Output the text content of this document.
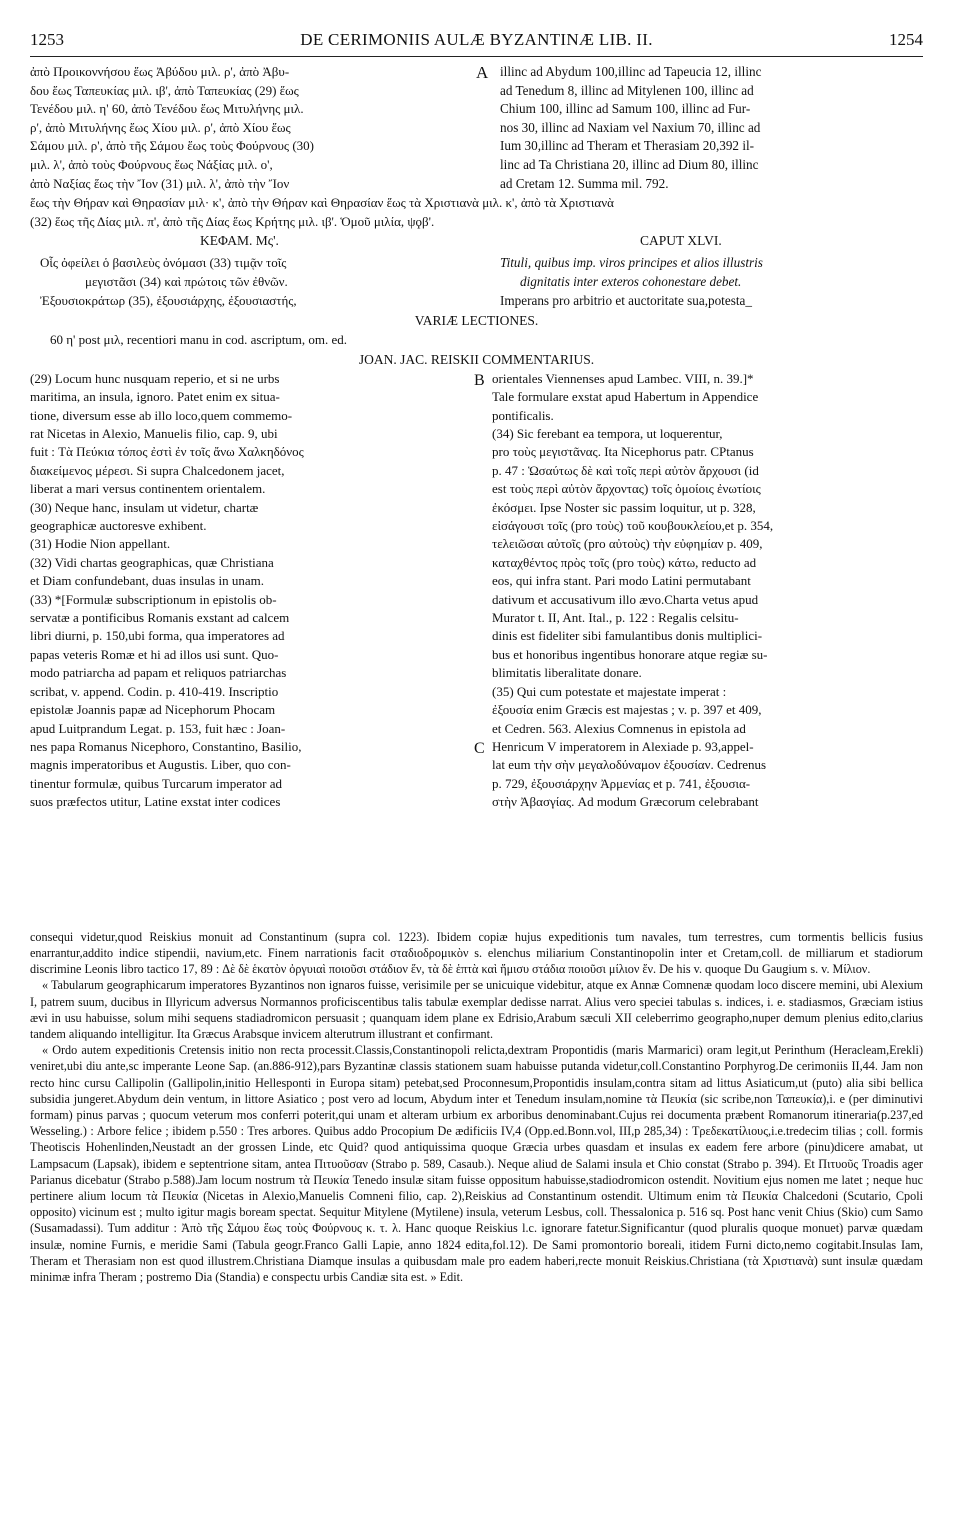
1253	DE CERIMONIIS AULÆ BYZANTINÆ LIB. II.	1254

ἀπὸ Προικοννήσου ἕως Ἀβύδου μιλ. ρ', ἀπὸ Ἀβυ-

δου ἕως Ταπευκίας μιλ. ιβ', ἀπὸ Ταπευκίας (29) ἕως

Τενέδου μιλ. η' 60, ἀπὸ Τενέδου ἕως Μιτυλήνης μιλ.

ρ', ἀπὸ Μιτυλήνης ἕως Χίου μιλ. ρ', ἀπὸ Χίου ἕως

Σάμου μιλ. ρ', ἀπὸ τῆς Σάμου ἕως τοὺς Φούρνους (30)

μιλ. λ', ἀπὸ τοὺς Φούρνους ἕως Νάξίας μιλ. ο',

ἀπὸ Ναξίας ἕως τὴν Ἴον (31) μιλ. λ', ἀπὸ τὴν Ἴον

A illinc ad Abydum 100,illinc ad Tapeucia 12, illinc

ad Tenedum 8, illinc ad Mitylenen 100, illinc ad

Chium 100, illinc ad Samum 100, illinc ad Fur-

nos 30, illinc ad Naxiam vel Naxium 70, illinc ad

Ium 30,illinc ad Theram et Therasiam 20,392 il-

linc ad Ta Christiana 20, illinc ad Dium 80, illinc

ad Cretam 12. Summa mil. 792.

ἕως τὴν Θήραν καὶ Θηρασίαν μιλ· κ', ἀπὸ τὴν Θήραν καὶ Θηρασίαν ἕως τὰ Χριστιανὰ μιλ. κ', ἀπὸ τὰ Χριστιανὰ

(32) ἕως τῆς Δίας μιλ. π', ἀπὸ τῆς Δίας ἕως Κρήτης μιλ. ιβ'. Ὁμοῦ μιλία, ψϙβ'.

ΚΕΦΑΜ. Μς'.	CAPUT XLVI.

Οἷς ὀφείλει ὁ βασιλεὺς ὀνόμασι (33) τιμᾷν τοῖς

μεγιστᾶσι (34) καὶ πρώτοις τῶν ἐθνῶν.

Ἐξουσιοκράτωρ (35), ἐξουσιάρχης, ἐξουσιαστής,

Tituli, quibus imp. viros principes et alios illustris

dignitatis inter exteros cohonestare debet.

Imperans pro arbitrio et auctoritate sua,potesta_

VARIÆ LECTIONES.

60 η' post μιλ, recentiori manu in cod. ascriptum, om. ed.

JOAN. JAC. REISKII COMMENTARIUS.

(29) Locum hunc nusquam reperio, et si ne urbs

maritima, an insula, ignoro. Patet enim ex situa-

tione, diversum esse ab illo loco,quem commemo-

rat Nicetas in Alexio, Manuelis filio, cap. 9, ubi

fuit : Τὰ Πεύκια τόπος ἐστὶ ἐν τοῖς ἄνω Χαλκηδόνος

διακείμενος μέρεσι. Si supra Chalcedonem jacet,

liberat a mari versus continentem orientalem.

(30) Neque hanc, insulam ut videtur, chartæ

geographicæ auctoresve exhibent.

(31) Hodie Nion appellant.

(32) Vidi chartas geographicas, quæ Christiana

et Diam confundebant, duas insulas in unam.

(33) *[Formulæ subscriptionum in epistolis ob-

servatæ a pontificibus Romanis exstant ad calcem

libri diurni, p. 150,ubi forma, qua imperatores ad

papas veteris Romæ et hi ad illos usi sunt. Quo-

modo patriarcha ad papam et reliquos patriarchas

scribat, v. append. Codin. p. 410-419. Inscriptio

epistolæ Joannis papæ ad Nicephorum Phocam

apud Luitprandum Legat. p. 153, fuit hæc : Joan-

nes papa Romanus Nicephoro, Constantino, Basilio,

magnis imperatoribus et Augustis. Liber, quo con-

tinentur formulæ, quibus Turcarum imperator ad

suos præfectos utitur, Latine exstat inter codices

B
C

orientales Viennenses apud Lambec. VIII, n. 39.]*

Tale formulare exstat apud Habertum in Appendice

pontificalis.

(34) Sic ferebant ea tempora, ut loquerentur,

pro τοὺς μεγιστᾶνας. Ita Nicephorus patr. CPtanus

p. 47 : Ὡσαύτως δὲ καὶ τοῖς περὶ αὐτὸν ἄρχουσι (id

est τοὺς περὶ αὐτὸν ἄρχοντας) τοῖς ὁμοίοις ἐνωτίοις

ἐκόσμει. Ipse Noster sic passim loquitur, ut p. 328,

εἰσάγουσι τοῖς (pro τοὺς) τοῦ κουβουκλείου,et p. 354,

τελειῶσαι αὐτοῖς (pro αὐτοὺς) τὴν εὐφημίαν p. 409,

καταχθέντος πρὸς τοῖς (pro τοὺς) κάτω, reducto ad

eos, qui infra stant. Pari modo Latini permutabant

dativum et accusativum illo ævo.Charta vetus apud

Murator t. II, Ant. Ital., p. 122 : Regalis celsitu-

dinis est fideliter sibi famulantibus donis multiplici-

bus et honoribus ingentibus honorare atque regiæ su-

blimitatis liberalitate donare.

(35) Qui cum potestate et majestate imperat :

ἐξουσία enim Græcis est majestas ; v. p. 397 et 409,

et Cedren. 563. Alexius Comnenus in epistola ad

Henricum V imperatorem in Alexiade p. 93,appel-

lat eum τὴν σὴν μεγαλοδύναμον ἐξουσίαν. Cedrenus

p. 729, ἐξουσιάρχην Ἀρμενίας et p. 741, ἐξουσια-

στὴν Ἀβασγίας. Ad modum Græcorum celebrabant

consequi videtur,quod Reiskius monuit ad Constantinum (supra col. 1223). Ibidem copiæ hujus expeditionis tum navales, tum terrestres, cum tormentis bellicis fusius enarrantur,addito indice stipendii, navium,etc. Finem narrationis facit σταδιοδρομικὸν s. elenchus miliarium Constantinopolin inter et Cretam,coll. de milliarum et stadiorum discrimine Leonis libro tactico 17, 89 : Δὲ δὲ ἑκατὸν ὀργυιαὶ ποιοῦσι στάδιον ἕν, τὰ δὲ ἑπτὰ καὶ ἥμισυ στάδια ποιοῦσι μίλιον ἕν. De his v. quoque Du Gaugium s. v. Μίλιον.

« Tabularum geographicarum imperatores Byzantinos non ignaros fuisse, verisimile per se unicuique videbitur, atque ex Annæ Comnenæ quodam loco discere memini, ubi Alexium I, patrem suum, ducibus in Illyricum adversus Normannos proficiscentibus talis tabulæ exemplar dedisse narrat. Alius vero speciei tabulas s. indices, i. e. stadiasmos, Græciam istius ævi in usu habuisse, solum mihi sequens stadiadromicon persuasit ; quanquam idem plane ex Edrisio,Arabum sæculi XII celeberrimo geographo,nuper demum plenius edito,clarius tandem aliquando intelligitur. Ita Græcus Arabsque invicem alterutrum illustrant et confirmant.

« Ordo autem expeditionis Cretensis initio non recta processit.Classis,Constantinopoli relicta,dextram Propontidis (maris Marmarici) oram legit,ut Perinthum (Heracleam,Erekli) veniret,ubi diu ante,sc imperante Leone Sap. (an.886-912),pars Byzantinæ classis stationem suam habuisse putanda videtur,coll.Constantino Porphyrog.De cerimoniis II,44. Jam non recto hinc cursu Callipolin (Gallipolin,initio Hellesponti in Europa sitam) petebat,sed Proconnesum,Propontidis insulam,contra sitam ad littus Asiaticum,ut (puto) alia sibi bellica subsidia jungeret.Abydum dein ventum, in littore Asiatico ; post vero ad locum, Abydum inter et Tenedum insulam,nomine τὰ Πευκία (sic scribe,non Ταπευκία),i. e (per diminutivi formam) pinus parvas ; quocum veterum mos conferri poterit,qui unam et alteram urbium ex arboribus denominabant.Cujus rei documenta præbent Romanorum itineraria(p.237,ed Wesseling.) : Arbore felice ; ibidem p.550 : Tres arbores. Quibus addo Procopium De ædificiis IV,4 (Opp.ed.Bonn.vol, III,p 285,34) : Τρεδεκατίλιους,i.e.tredecim tilias ; coll. formis Theotiscis Hohenlinden,Neustadt an der grossen Linde, etc Quid? quod antiquissima quoque Græcia urbes quasdam et insulas ex eadem fere arbore (pinu)dicere amabat, ut Lampsacum (Lapsak), ibidem e septentrione sitam, antea Πιτυοῦσαν (Strabo p. 589, Casaub.). Neque aliud de Salami insula et Chio constat (Strabo p. 394). Et Πιτυοῦς Troadis ager Parianus dicebatur (Strabo p.588).Jam locum nostrum τὰ Πευκία Tenedo insulæ sitam fuisse oppositum habuisse,stadiodromicon ostendit. Novitium ejus nomen me latet ; neque huc pertinere alium locum τὰ Πευκία (Nicetas in Alexio,Manuelis Comneni filio, cap. 2),Reiskius ad Constantinum ostendit. Ultimum enim τὰ Πευκία Chalcedoni (Scutario, Cpoli opposito) vicinum est ; multo igitur magis boream spectat. Sequitur Mitylene (Mytilene) insula, veterum Lesbus, coll. Thessalonica p. 516 sq. Post hanc venit Chius (Skio) cum Samo (Susamadassi). Tum additur : Ἀπὸ τῆς Σάμου ἕως τοὺς Φούρνους κ. τ. λ. Hanc quoque Reiskius l.c. ignorare fatetur.Significantur (quod pluralis quoque monuet) parvæ quædam insulæ, nomine Furnis, e meridie Sami (Tabula geogr.Franco Galli Lapie, anno 1824 edita,fol.12). De Sami promontorio boreali, itidem Furni dicto,nemo cogitabit.Insulas Iam, Theram et Therasiam non est quod illustrem.Christiana Diamque insulas a quibusdam male pro eadem haberi,recte monuit Reiskius.Christiana (τὰ Χριστιανὰ) sunt insulæ quædam minimæ infra Theram ; postremo Dia (Standia) e conspectu urbis Candiæ sita est. » Edit.
